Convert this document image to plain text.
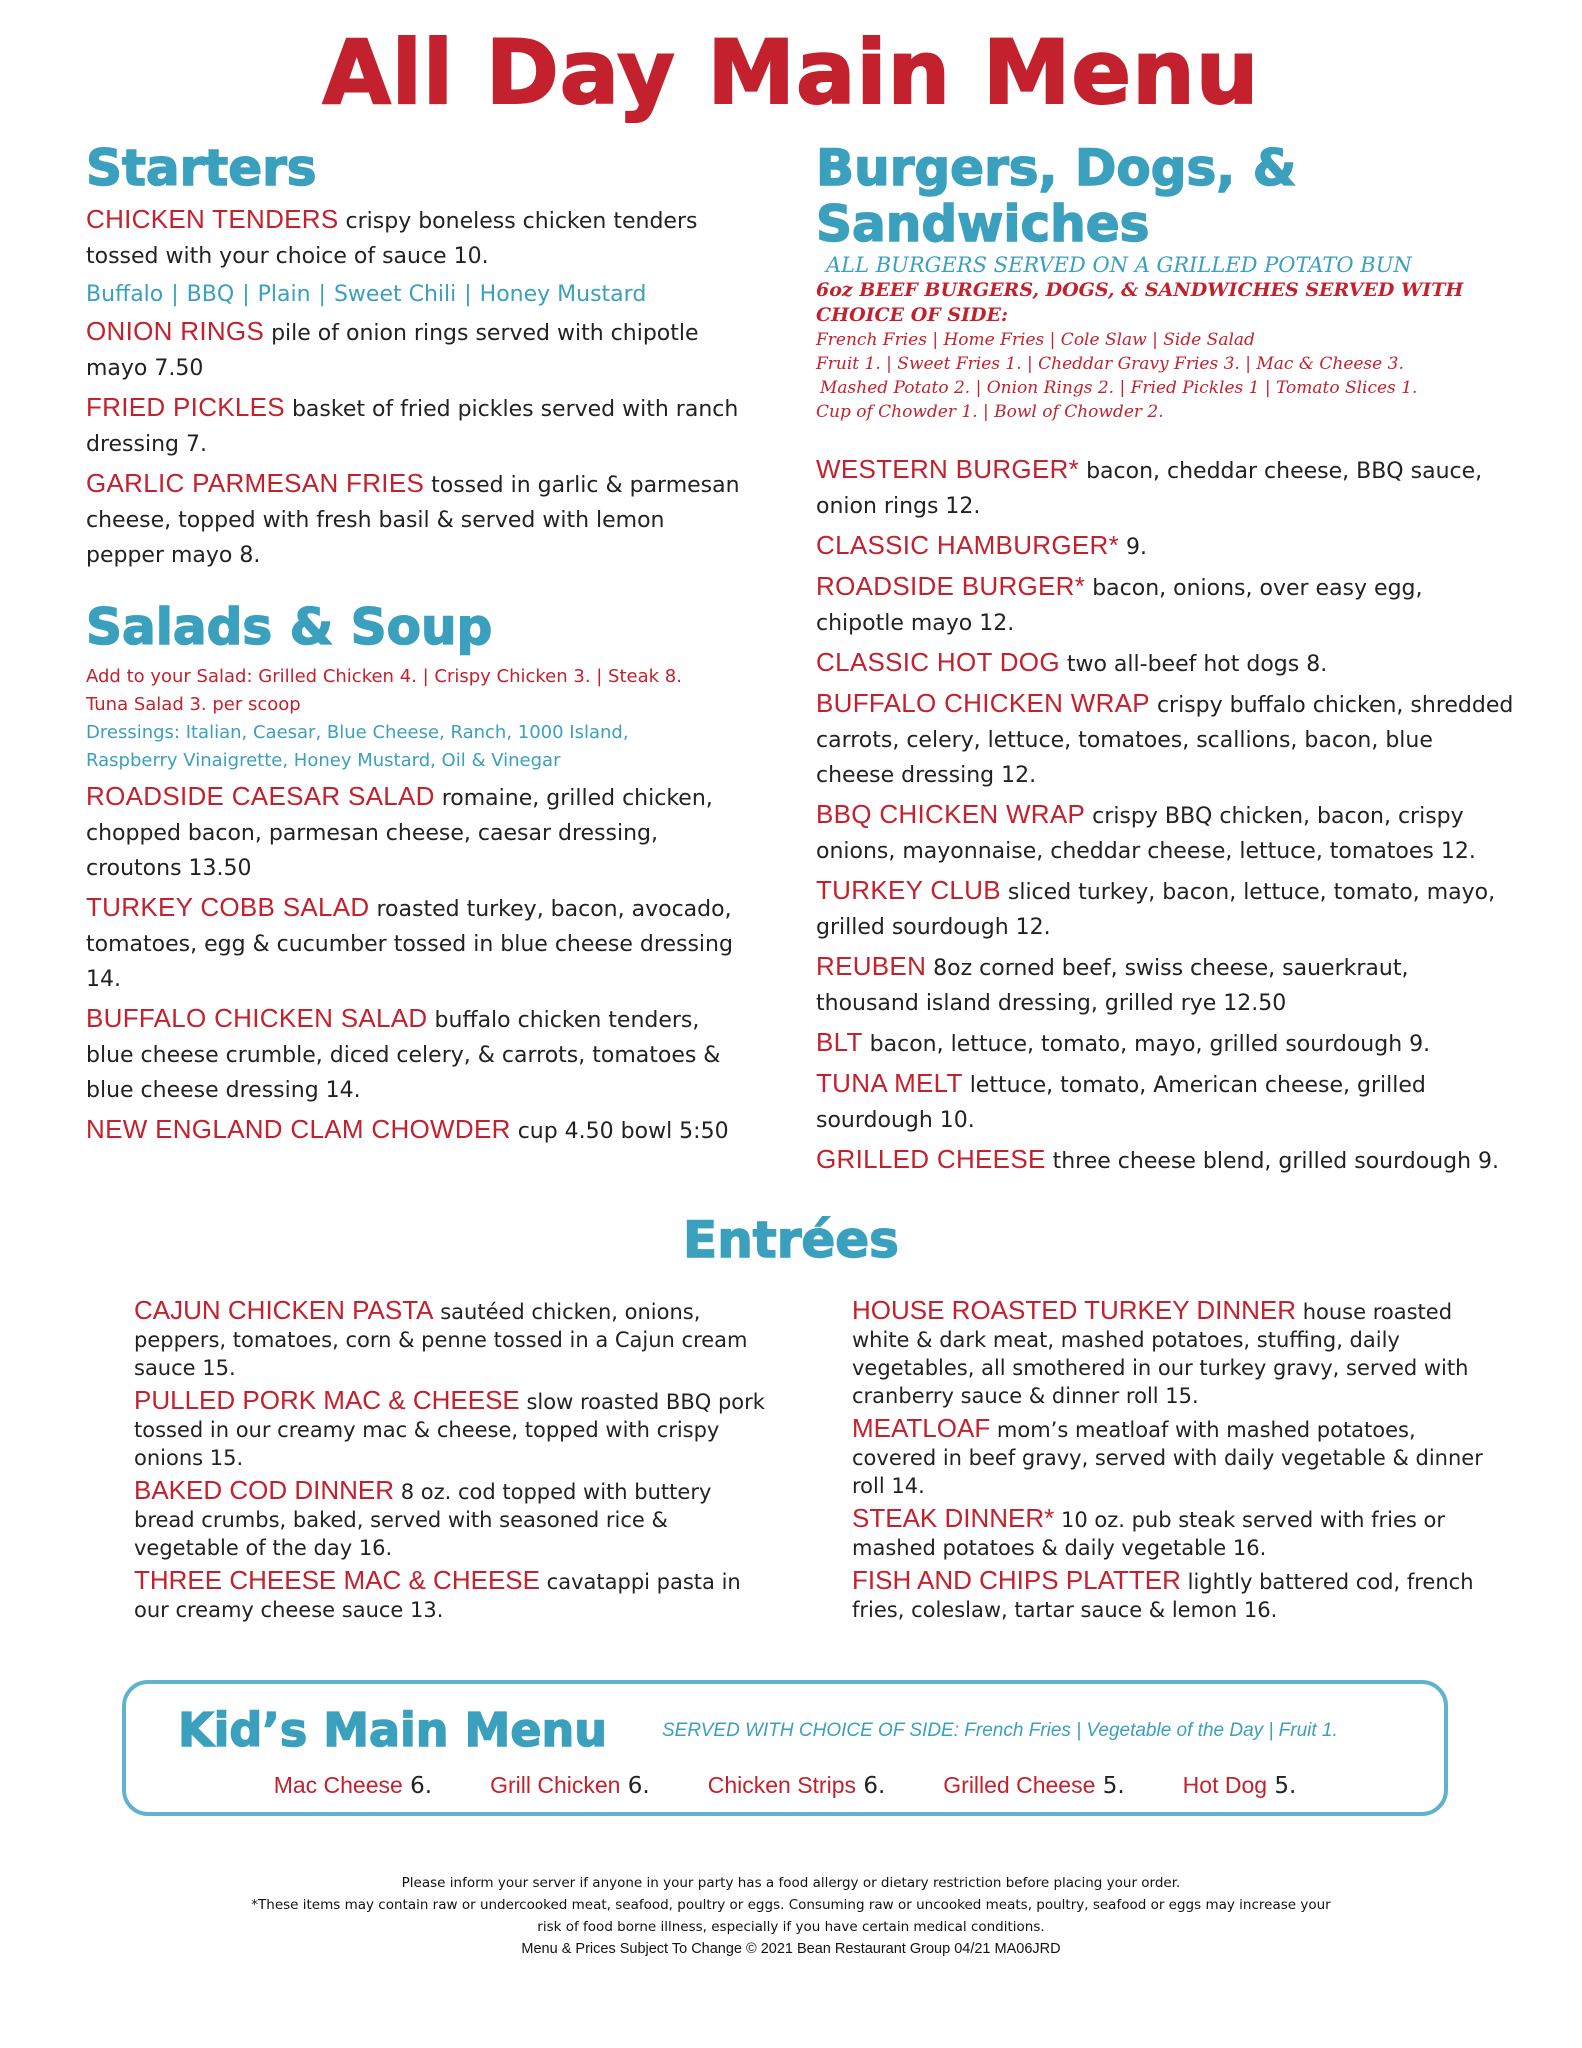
All Day Main Menu
Starters

CHICKEN TENDERS crispy boneless chicken tenders tossed with your choice of sauce 10.

Buffalo | BBQ | Plain | Sweet Chili | Honey Mustard

ONION RINGS pile of onion rings served with chipotle mayo 7.50

FRIED PICKLES basket of fried pickles served with ranch dressing 7.

GARLIC PARMESAN FRIES tossed in garlic & parmesan cheese, topped with fresh basil & served with lemon pepper mayo 8.

Salads & Soup

Add to your Salad: Grilled Chicken 4. | Crispy Chicken 3. | Steak 8.

Tuna Salad 3. per scoop

Dressings: Italian, Caesar, Blue Cheese, Ranch, 1000 Island,

Raspberry Vinaigrette, Honey Mustard, Oil & Vinegar

ROADSIDE CAESAR SALAD romaine, grilled chicken, chopped bacon, parmesan cheese, caesar dressing, croutons 13.50

TURKEY COBB SALAD roasted turkey, bacon, avocado, tomatoes, egg & cucumber tossed in blue cheese dressing 14.

BUFFALO CHICKEN SALAD buffalo chicken tenders, blue cheese crumble, diced celery, & carrots, tomatoes & blue cheese dressing 14.

NEW ENGLAND CLAM CHOWDER cup 4.50 bowl 5:50

Burgers, Dogs, &
Sandwiches

ALL BURGERS SERVED ON A GRILLED POTATO BUN

6oz BEEF BURGERS, DOGS, & SANDWICHES SERVED WITH CHOICE OF SIDE:

French Fries | Home Fries | Cole Slaw | Side Salad

Fruit 1. | Sweet Fries 1. | Cheddar Gravy Fries 3. | Mac & Cheese 3.

Mashed Potato 2. | Onion Rings 2. | Fried Pickles 1 | Tomato Slices 1.

Cup of Chowder 1. | Bowl of Chowder 2.

WESTERN BURGER* bacon, cheddar cheese, BBQ sauce, onion rings 12.

CLASSIC HAMBURGER* 9.

ROADSIDE BURGER* bacon, onions, over easy egg, chipotle mayo 12.

CLASSIC HOT DOG two all-beef hot dogs 8.

BUFFALO CHICKEN WRAP crispy buffalo chicken, shredded carrots, celery, lettuce, tomatoes, scallions, bacon, blue cheese dressing 12.

BBQ CHICKEN WRAP crispy BBQ chicken, bacon, crispy onions, mayonnaise, cheddar cheese, lettuce, tomatoes 12.

TURKEY CLUB sliced turkey, bacon, lettuce, tomato, mayo, grilled sourdough 12.

REUBEN 8oz corned beef, swiss cheese, sauerkraut, thousand island dressing, grilled rye 12.50

BLT bacon, lettuce, tomato, mayo, grilled sourdough 9.

TUNA MELT lettuce, tomato, American cheese, grilled sourdough 10.

GRILLED CHEESE three cheese blend, grilled sourdough 9.

Entrées

CAJUN CHICKEN PASTA sautéed chicken, onions, peppers, tomatoes, corn & penne tossed in a Cajun cream sauce 15.

PULLED PORK MAC & CHEESE slow roasted BBQ pork tossed in our creamy mac & cheese, topped with crispy onions 15.

BAKED COD DINNER 8 oz. cod topped with buttery bread crumbs, baked, served with seasoned rice & vegetable of the day 16.

THREE CHEESE MAC & CHEESE cavatappi pasta in our creamy cheese sauce 13.

HOUSE ROASTED TURKEY DINNER house roasted white & dark meat, mashed potatoes, stuffing, daily vegetables, all smothered in our turkey gravy, served with cranberry sauce & dinner roll 15.

MEATLOAF mom’s meatloaf with mashed potatoes, covered in beef gravy, served with daily vegetable & dinner roll 14.

STEAK DINNER* 10 oz. pub steak served with fries or mashed potatoes & daily vegetable 16.

FISH AND CHIPS PLATTER lightly battered cod, french fries, coleslaw, tartar sauce & lemon 16.

Kid’s Main Menu	SERVED WITH CHOICE OF SIDE: French Fries | Vegetable of the Day | Fruit 1.

Mac Cheese 6.	Grill Chicken 6.	Chicken Strips 6.	Grilled Cheese 5.	Hot Dog 5.

Please inform your server if anyone in your party has a food allergy or dietary restriction before placing your order.

*These items may contain raw or undercooked meat, seafood, poultry or eggs. Consuming raw or uncooked meats, poultry, seafood or eggs may increase your

risk of food borne illness, especially if you have certain medical conditions.

Menu & Prices Subject To Change © 2021 Bean Restaurant Group 04/21 MA06JRD
